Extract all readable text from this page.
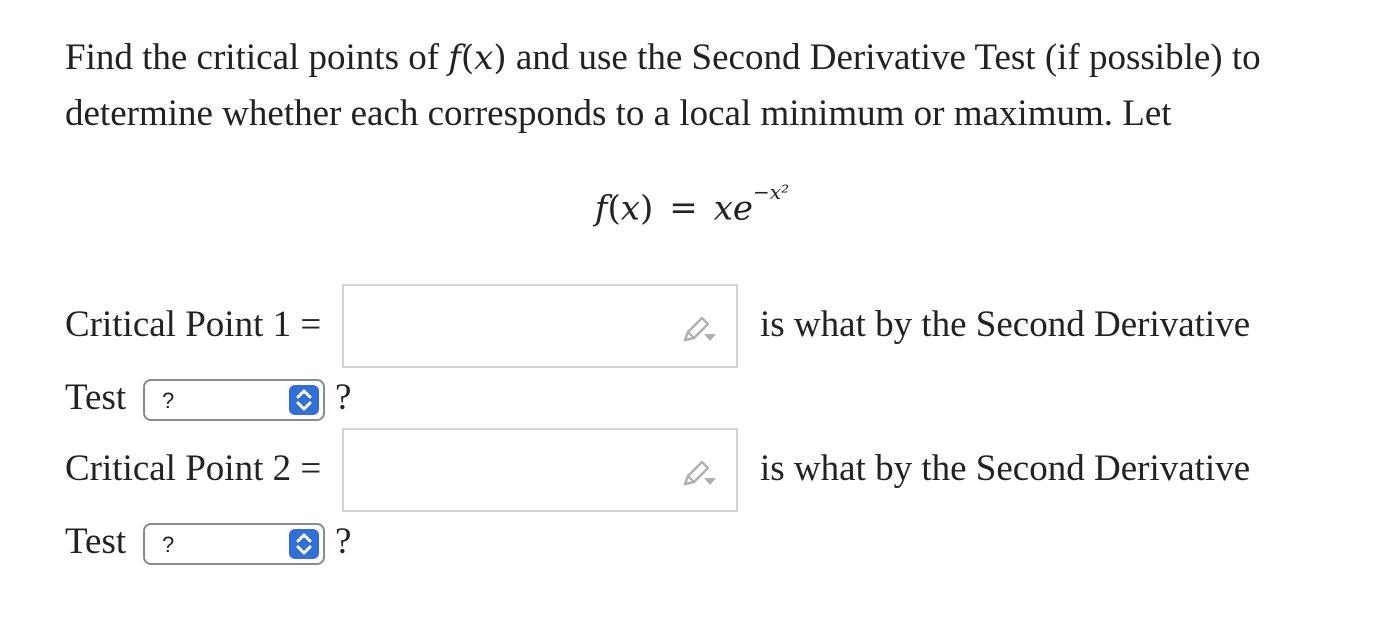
Find the critical points of f(x) and use the Second Derivative Test (if possible) to determine whether each corresponds to a local minimum or maximum. Let

$f(x) = xe^{-x^2}$
Critical Point 1 =	is what by the Second Derivative
Test ?	?
Critical Point 2 =	is what by the Second Derivative
Test ?	?
